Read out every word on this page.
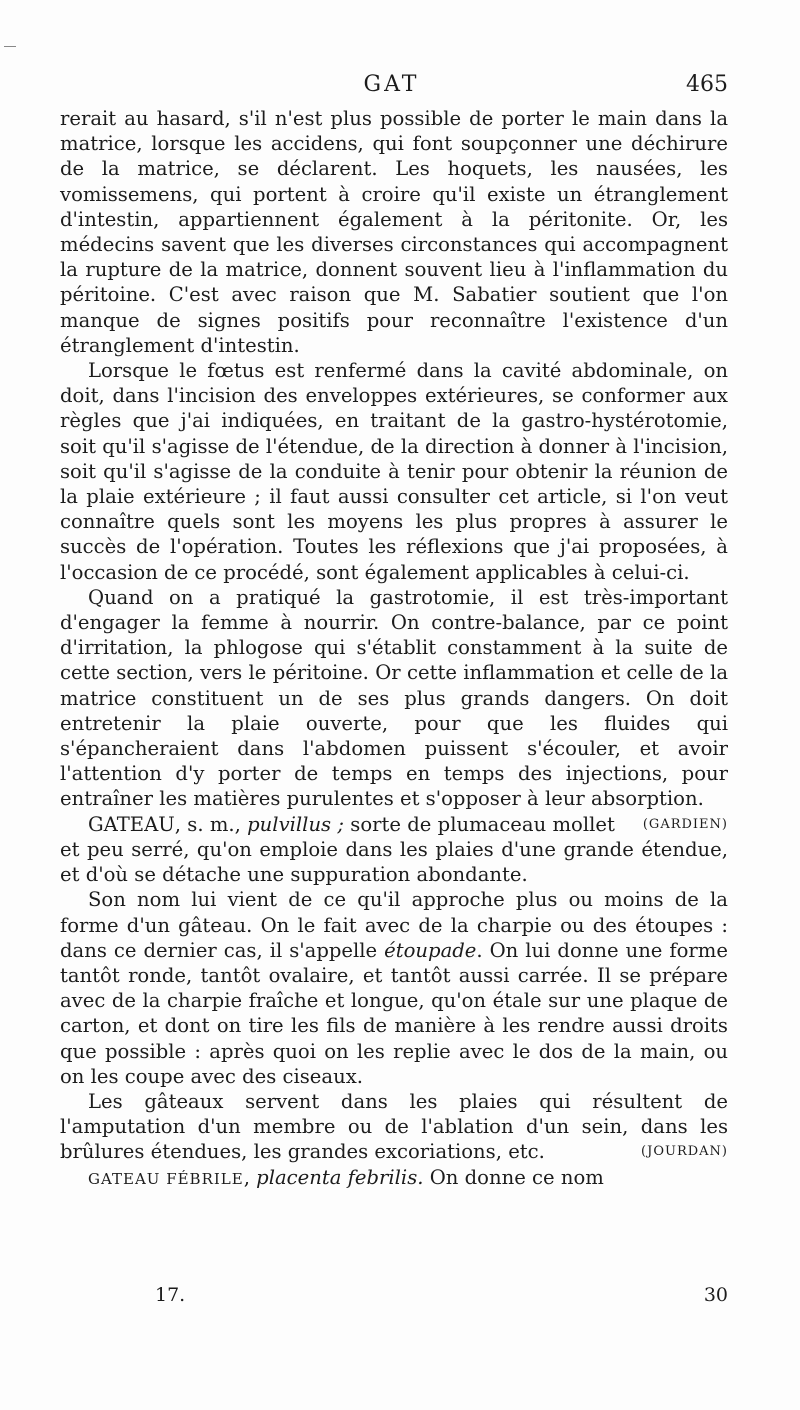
GAT	465

rerait au hasard, s'il n'est plus possible de porter le main dans la matrice, lorsque les accidens, qui font soupçonner une déchirure de la matrice, se déclarent. Les hoquets, les nausées, les vomissemens, qui portent à croire qu'il existe un étranglement d'intestin, appartiennent également à la péritonite. Or, les médecins savent que les diverses circonstances qui accompagnent la rupture de la matrice, donnent souvent lieu à l'inflammation du péritoine. C'est avec raison que M. Sabatier soutient que l'on manque de signes positifs pour reconnaître l'existence d'un étranglement d'intestin.

Lorsque le fœtus est renfermé dans la cavité abdominale, on doit, dans l'incision des enveloppes extérieures, se conformer aux règles que j'ai indiquées, en traitant de la gastro-hystérotomie, soit qu'il s'agisse de l'étendue, de la direction à donner à l'incision, soit qu'il s'agisse de la conduite à tenir pour obtenir la réunion de la plaie extérieure ; il faut aussi consulter cet article, si l'on veut connaître quels sont les moyens les plus propres à assurer le succès de l'opération. Toutes les réflexions que j'ai proposées, à l'occasion de ce procédé, sont également applicables à celui-ci.

Quand on a pratiqué la gastrotomie, il est très-important d'engager la femme à nourrir. On contre-balance, par ce point d'irritation, la phlogose qui s'établit constamment à la suite de cette section, vers le péritoine. Or cette inflammation et celle de la matrice constituent un de ses plus grands dangers. On doit entretenir la plaie ouverte, pour que les fluides qui s'épancheraient dans l'abdomen puissent s'écouler, et avoir l'attention d'y porter de temps en temps des injections, pour entraîner les matières purulentes et s'opposer à leur absorption.
(GARDIEN)

GATEAU, s. m., pulvillus ; sorte de plumaceau mollet et peu serré, qu'on emploie dans les plaies d'une grande étendue, et d'où se détache une suppuration abondante.

Son nom lui vient de ce qu'il approche plus ou moins de la forme d'un gâteau. On le fait avec de la charpie ou des étoupes : dans ce dernier cas, il s'appelle étoupade. On lui donne une forme tantôt ronde, tantôt ovalaire, et tantôt aussi carrée. Il se prépare avec de la charpie fraîche et longue, qu'on étale sur une plaque de carton, et dont on tire les fils de manière à les rendre aussi droits que possible : après quoi on les replie avec le dos de la main, ou on les coupe avec des ciseaux.

Les gâteaux servent dans les plaies qui résultent de l'amputation d'un membre ou de l'ablation d'un sein, dans les brûlures étendues, les grandes excoriations, etc.	(JOURDAN)

GATEAU FÉBRILE, placenta febrilis. On donne ce nom

17.	30
